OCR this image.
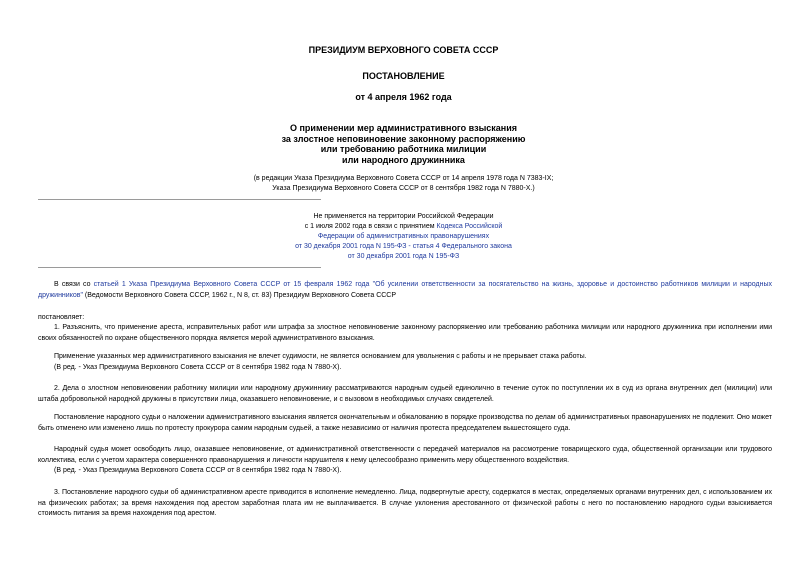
ПРЕЗИДИУМ ВЕРХОВНОГО СОВЕТА СССР
ПОСТАНОВЛЕНИЕ
от 4 апреля 1962 года
О применении мер административного взыскания
за злостное неповиновение законному распоряжению
или требованию работника милиции
или народного дружинника
(в редакции Указа Президиума Верховного Совета СССР от 14 апреля 1978 года N 7383-IX;
Указа Президиума Верховного Совета СССР от 8 сентября 1982 года N 7880-X.)
Не применяется на территории Российской Федерации
с 1 июля 2002 года в связи с принятием Кодекса Российской
Федерации об административных правонарушениях
от 30 декабря 2001 года N 195-ФЗ - статья 4 Федерального закона
от 30 декабря 2001 года N 195-ФЗ
В связи со статьей 1 Указа Президиума Верховного Совета СССР от 15 февраля 1962 года "Об усилении ответственности за посягательство на жизнь, здоровье и достоинство работников милиции и народных дружинников" (Ведомости Верховного Совета СССР, 1962 г., N 8, ст. 83) Президиум Верховного Совета СССР
постановляет:
1. Разъяснить, что применение ареста, исправительных работ или штрафа за злостное неповиновение законному распоряжению или требованию работника милиции или народного дружинника при исполнении ими своих обязанностей по охране общественного порядка является мерой административного взыскания.
Применение указанных мер административного взыскания не влечет судимости, не является основанием для увольнения с работы и не прерывает стажа работы.
(В ред. - Указ Президиума Верховного Совета СССР от 8 сентября 1982 года N 7880-X).
2. Дела о злостном неповиновении работнику милиции или народному дружиннику рассматриваются народным судьей единолично в течение суток по поступлении их в суд из органа внутренних дел (милиции) или штаба добровольной народной дружины в присутствии лица, оказавшего неповиновение, и с вызовом в необходимых случаях свидетелей.
Постановление народного судьи о наложении административного взыскания является окончательным и обжалованию в порядке производства по делам об административных правонарушениях не подлежит. Оно может быть отменено или изменено лишь по протесту прокурора самим народным судьей, а также независимо от наличия протеста председателем вышестоящего суда.
Народный судья может освободить лицо, оказавшее неповиновение, от административной ответственности с передачей материалов на рассмотрение товарищеского суда, общественной организации или трудового коллектива, если с учетом характера совершенного правонарушения и личности нарушителя к нему целесообразно применить меру общественного воздействия.
(В ред. - Указ Президиума Верховного Совета СССР от 8 сентября 1982 года N 7880-X).
3. Постановление народного судьи об административном аресте приводится в исполнение немедленно. Лица, подвергнутые аресту, содержатся в местах, определяемых органами внутренних дел, с использованием их на физических работах; за время нахождения под арестом заработная плата им не выплачивается. В случае уклонения арестованного от физической работы с него по постановлению народного судьи взыскивается стоимость питания за время нахождения под арестом.
